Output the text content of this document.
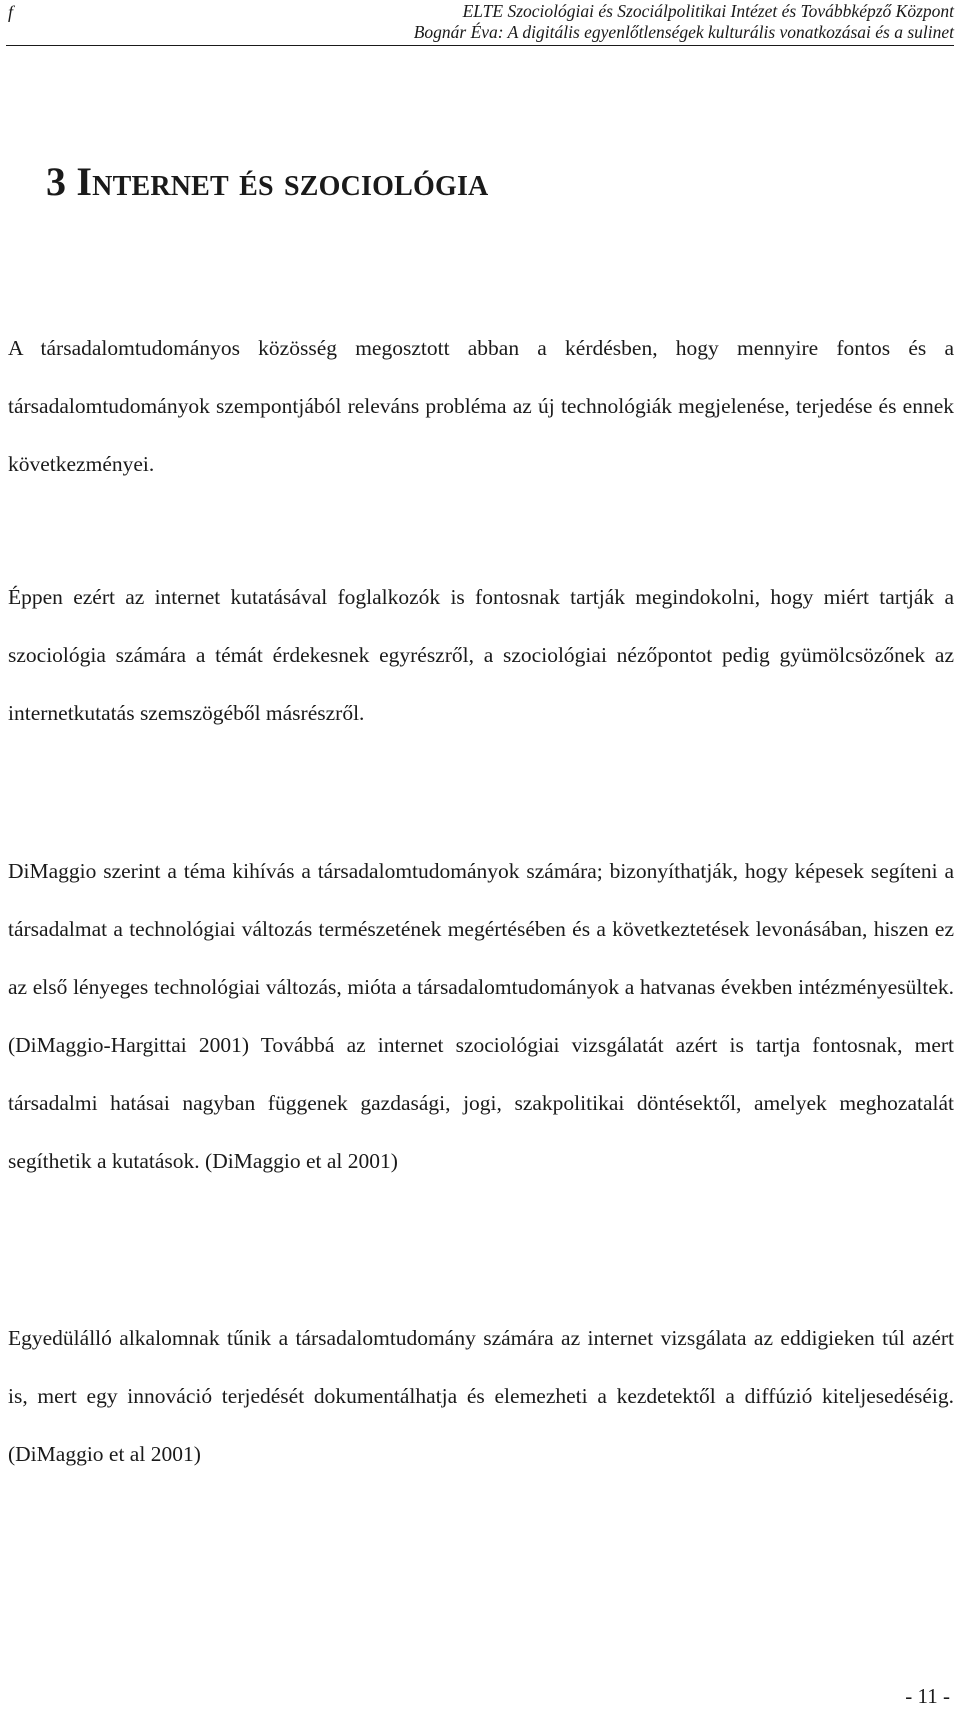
f	ELTE Szociológiai és Szociálpolitikai Intézet és Továbbképző Központ
Bognár Éva: A digitális egyenlőtlenségek kulturális vonatkozásai és a sulinet
3 Internet és szociológia

A társadalomtudományos közösség megosztott abban a kérdésben, hogy mennyire fontos és a társadalomtudományok szempontjából releváns probléma az új technológiák megjelenése, terjedése és ennek következményei.

Éppen ezért az internet kutatásával foglalkozók is fontosnak tartják megindokolni, hogy miért tartják a szociológia számára a témát érdekesnek egyrészről, a szociológiai nézőpontot pedig gyümölcsözőnek az internetkutatás szemszögéből másrészről.

DiMaggio szerint a téma kihívás a társadalomtudományok számára; bizonyíthatják, hogy képesek segíteni a társadalmat a technológiai változás természetének megértésében és a következtetések levonásában, hiszen ez az első lényeges technológiai változás, mióta a társadalomtudományok a hatvanas években intézményesültek. (DiMaggio-Hargittai 2001) Továbbá az internet szociológiai vizsgálatát azért is tartja fontosnak, mert társadalmi hatásai nagyban függenek gazdasági, jogi, szakpolitikai döntésektől, amelyek meghozatalát segíthetik a kutatások. (DiMaggio et al 2001)

Egyedülálló alkalomnak tűnik a társadalomtudomány számára az internet vizsgálata az eddigieken túl azért is, mert egy innováció terjedését dokumentálhatja és elemezheti a kezdetektől a diffúzió kiteljesedéséig. (DiMaggio et al 2001)

- 11 -
